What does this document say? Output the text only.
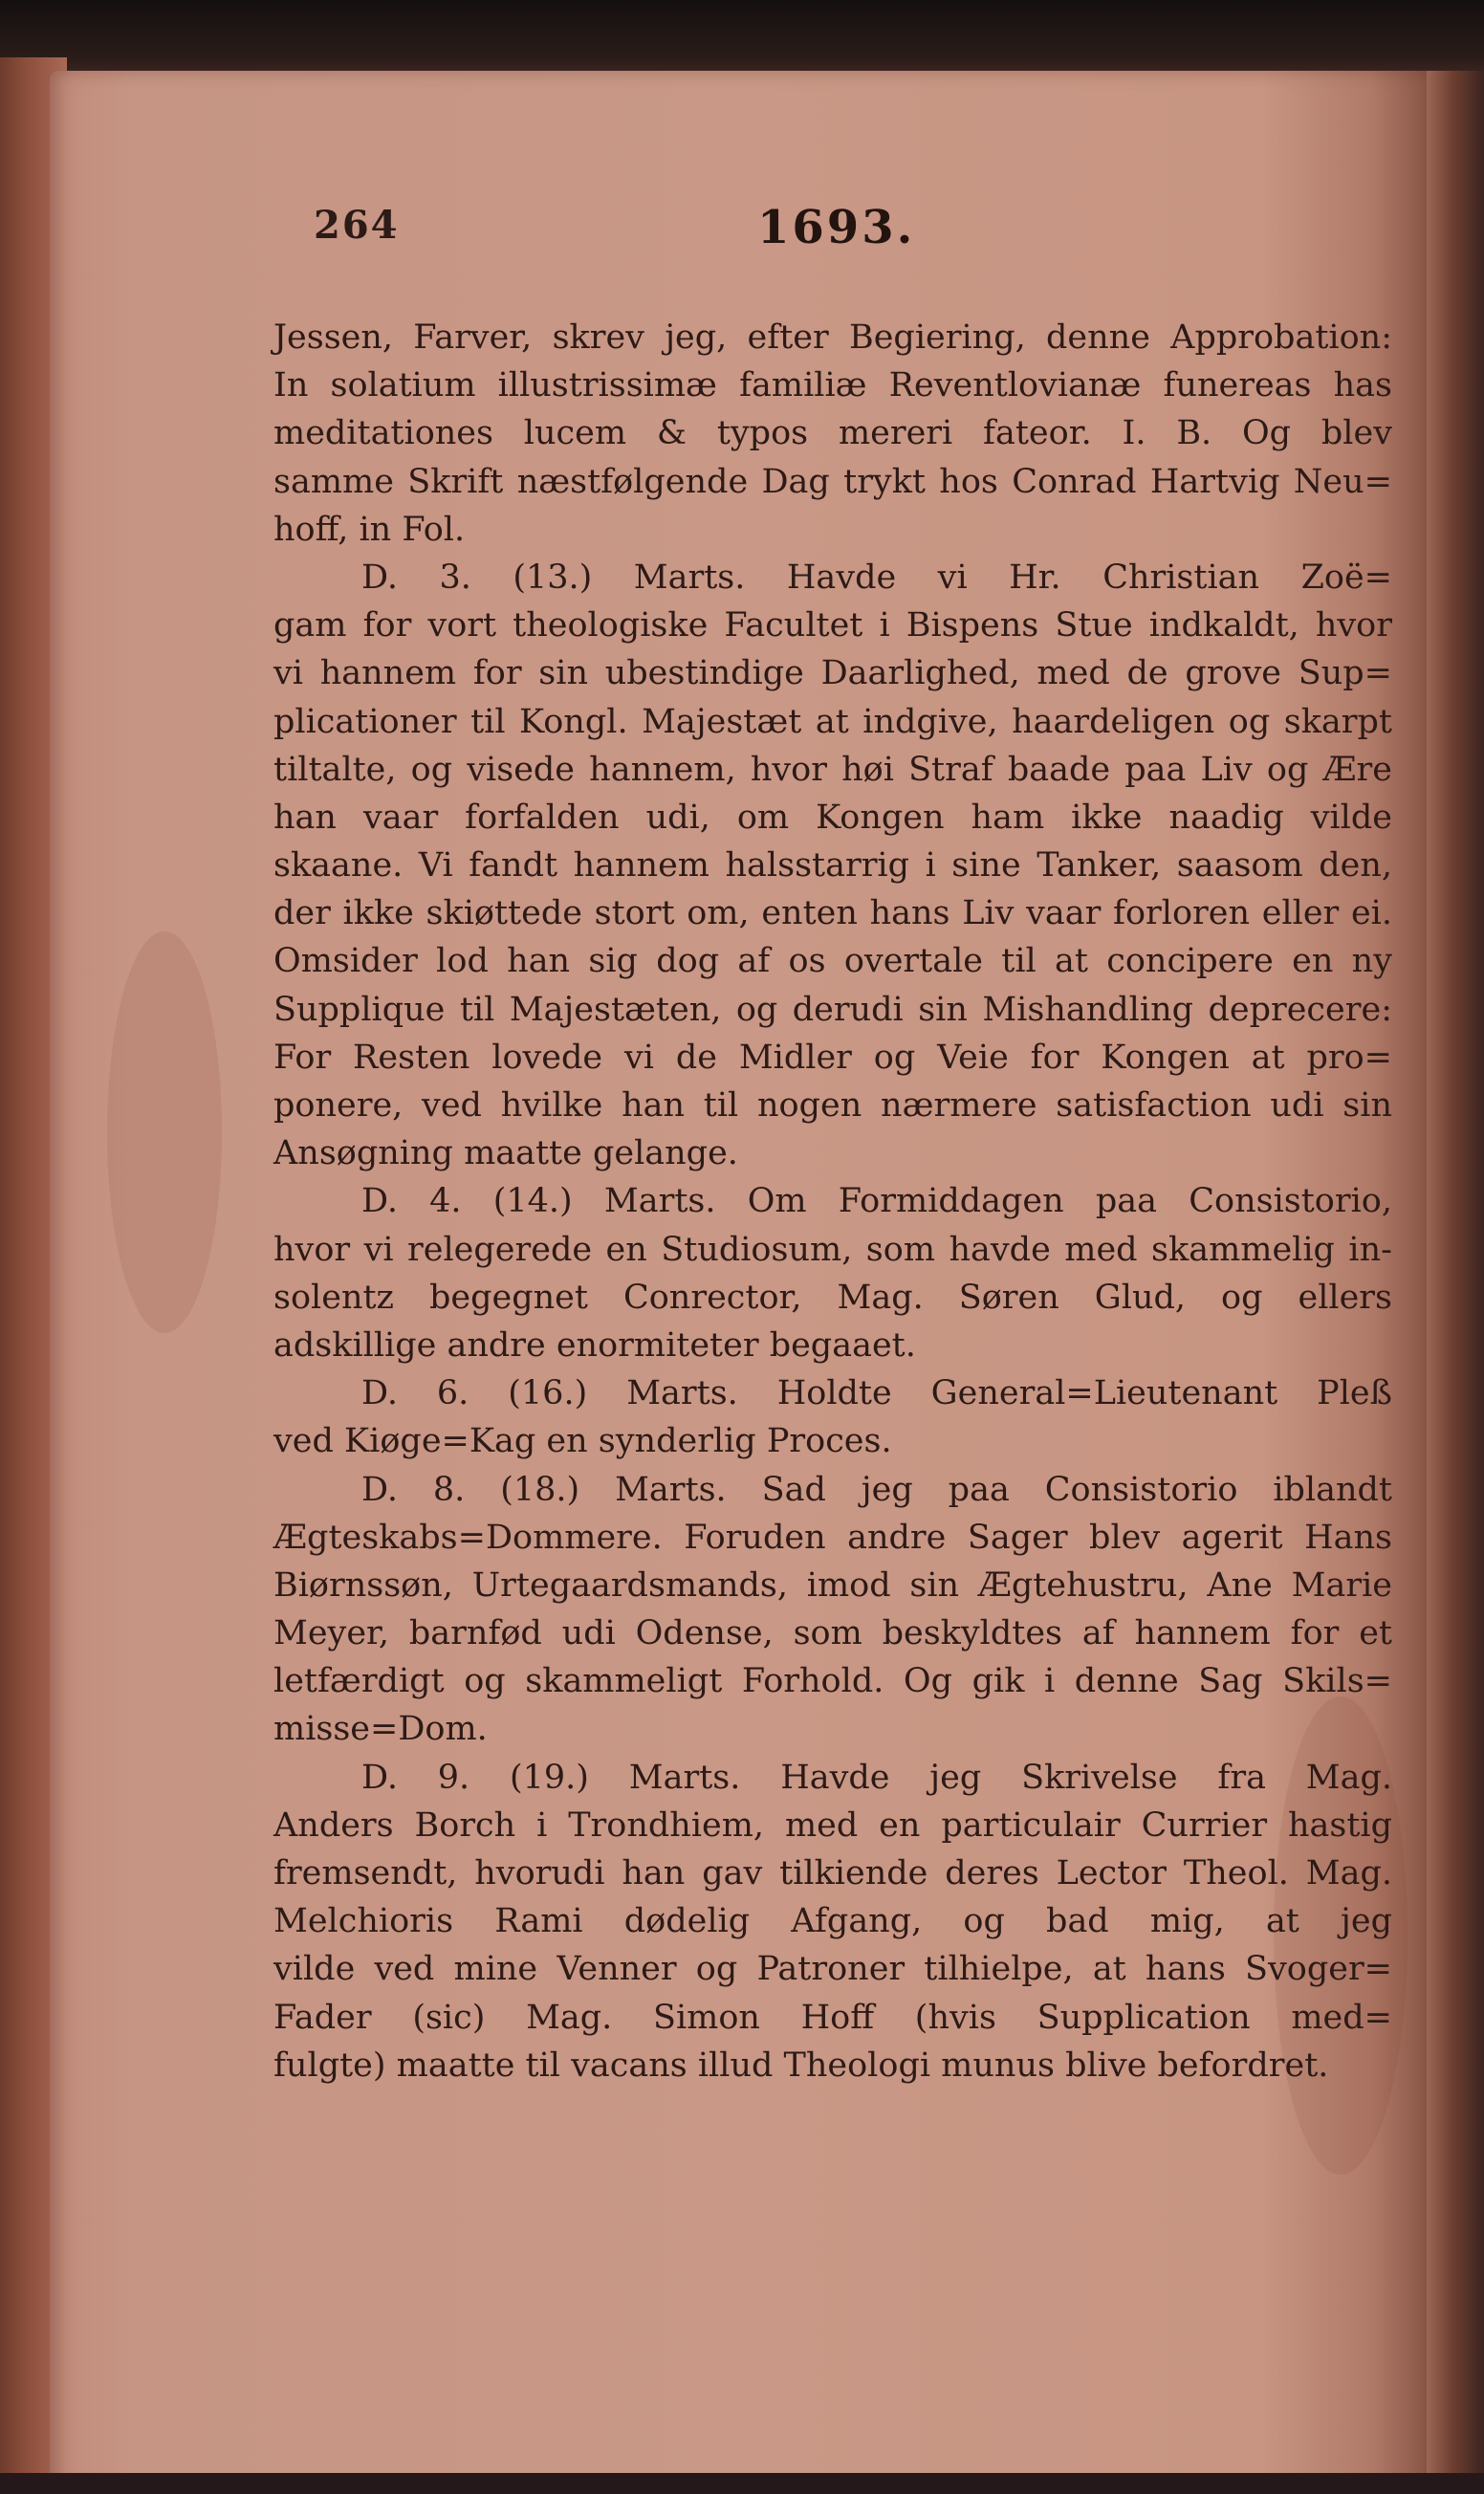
264	1693.
Jessen, Farver, skrev jeg, efter Begiering, denne Approbation:
In solatium illustrissimæ familiæ Reventlovianæ funereas has
meditationes lucem & typos mereri fateor. I. B. Og blev
samme Skrift næstfølgende Dag trykt hos Conrad Hartvig Neu=
hoff, in Fol.
D. 3. (13.) Marts. Havde vi Hr. Christian Zoë=
gam for vort theologiske Facultet i Bispens Stue indkaldt, hvor
vi hannem for sin ubestindige Daarlighed, med de grove Sup=
plicationer til Kongl. Majestæt at indgive, haardeligen og skarpt
tiltalte, og visede hannem, hvor høi Straf baade paa Liv og Ære
han vaar forfalden udi, om Kongen ham ikke naadig vilde
skaane. Vi fandt hannem halsstarrig i sine Tanker, saasom den,
der ikke skiøttede stort om, enten hans Liv vaar forloren eller ei.
Omsider lod han sig dog af os overtale til at concipere en ny
Supplique til Majestæten, og derudi sin Mishandling deprecere:
For Resten lovede vi de Midler og Veie for Kongen at pro=
ponere, ved hvilke han til nogen nærmere satisfaction udi sin
Ansøgning maatte gelange.
D. 4. (14.) Marts. Om Formiddagen paa Consistorio,
hvor vi relegerede en Studiosum, som havde med skammelig in-
solentz begegnet Conrector, Mag. Søren Glud, og ellers
adskillige andre enormiteter begaaet.
D. 6. (16.) Marts. Holdte General=Lieutenant Pleß
ved Kiøge=Kag en synderlig Proces.
D. 8. (18.) Marts. Sad jeg paa Consistorio iblandt
Ægteskabs=Dommere. Foruden andre Sager blev agerit Hans
Biørnssøn, Urtegaardsmands, imod sin Ægtehustru, Ane Marie
Meyer, barnfød udi Odense, som beskyldtes af hannem for et
letfærdigt og skammeligt Forhold. Og gik i denne Sag Skils=
misse=Dom.
D. 9. (19.) Marts. Havde jeg Skrivelse fra Mag.
Anders Borch i Trondhiem, med en particulair Currier hastig
fremsendt, hvorudi han gav tilkiende deres Lector Theol. Mag.
Melchioris Rami dødelig Afgang, og bad mig, at jeg
vilde ved mine Venner og Patroner tilhielpe, at hans Svoger=
Fader (sic) Mag. Simon Hoff (hvis Supplication med=
fulgte) maatte til vacans illud Theologi munus blive befordret.
